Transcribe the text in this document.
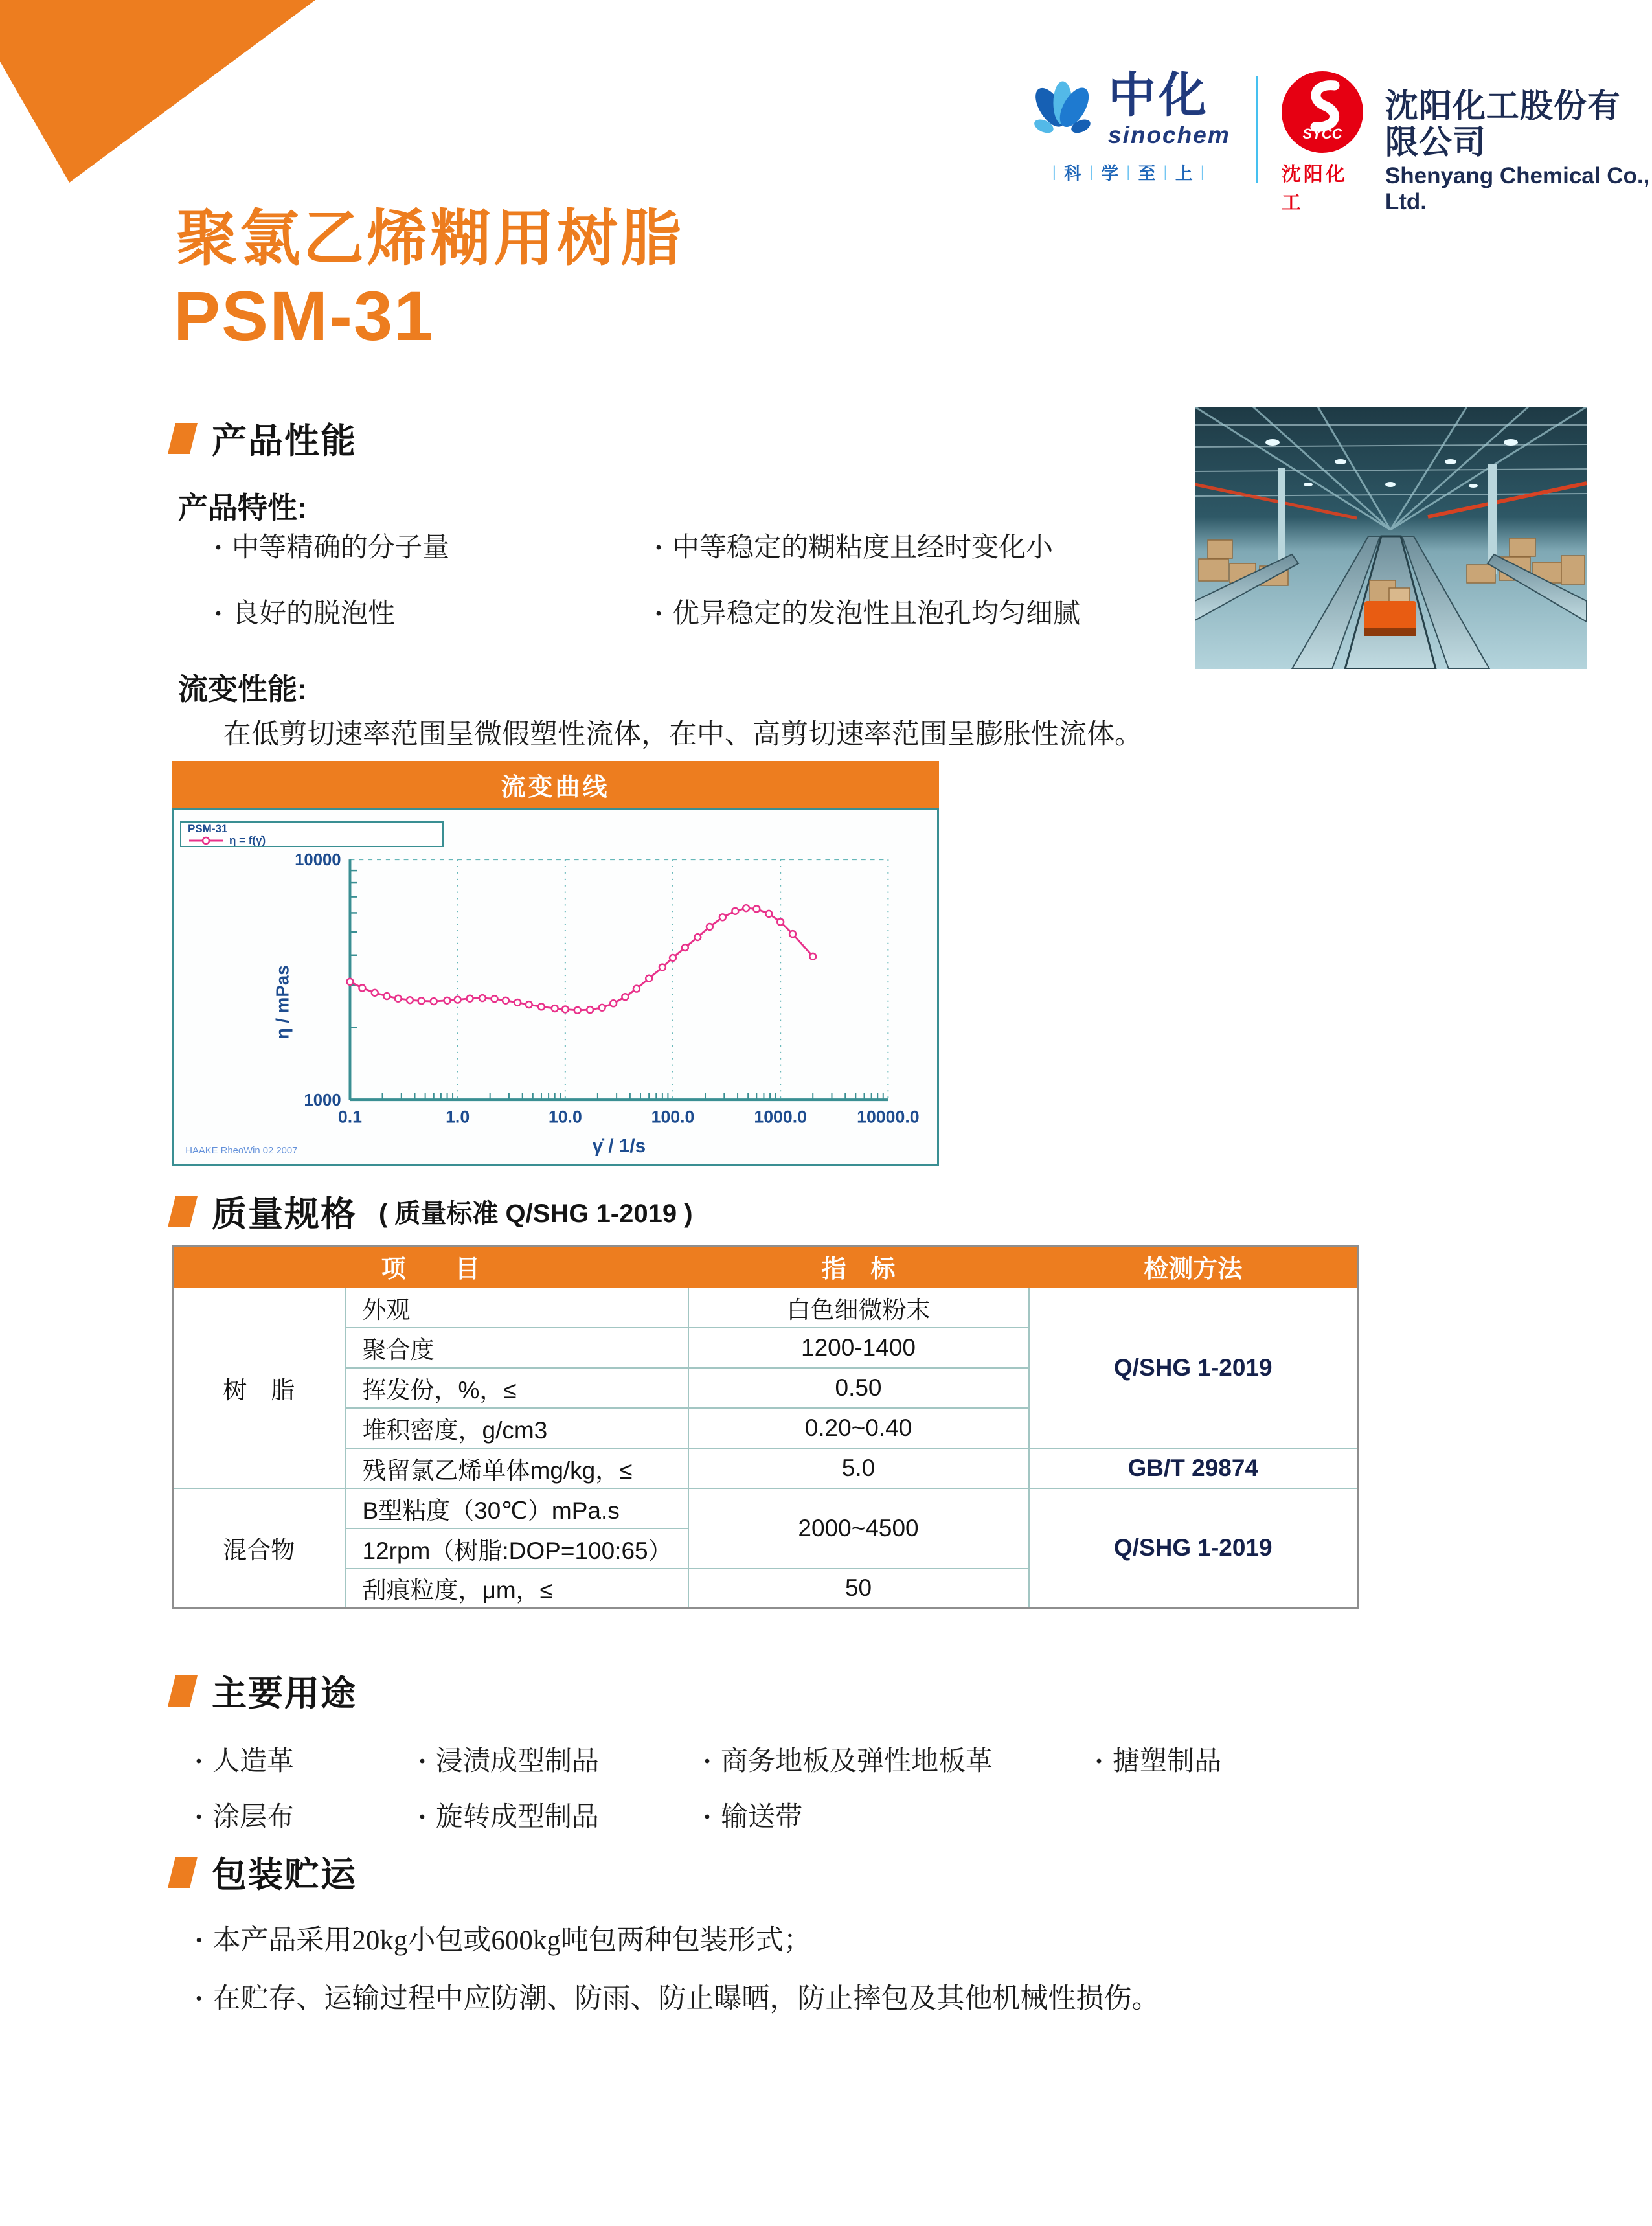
中化
sinochem
| 科 | 学 | 至 | 上 |
SYCC
沈阳化工
沈阳化工股份有限公司
Shenyang Chemical Co., Ltd.
聚氯乙烯糊用树脂
PSM-31
产品性能
产品特性:
· 中等精确的分子量	· 中等稳定的糊粘度且经时变化小
· 良好的脱泡性	· 优异稳定的发泡性且泡孔均匀细腻
流变性能:
在低剪切速率范围呈微假塑性流体，在中、高剪切速率范围呈膨胀性流体。
流变曲线
PSM-31
η = f(γ̇)
0.1	1.0	10.0	100.0	1000.0	10000.0
1000
10000
γ̇ / 1/s
η / mPas
HAAKE RheoWin 02 2007
质量规格 ( 质量标准 Q/SHG 1-2019 )
项　　目		指　标	检测方法
树　脂	外观	白色细微粉末	Q/SHG 1-2019
	聚合度	1200-1400	
	挥发份，%，≤	0.50	
	堆积密度，g/cm3	0.20~0.40	
	残留氯乙烯单体mg/kg，≤	5.0	GB/T 29874
混合物	B型粘度（30℃）mPa.s	2000~4500	Q/SHG 1-2019
	12rpm（树脂:DOP=100:65）		
	刮痕粒度，μm，≤	50	
主要用途
· 人造革	· 浸渍成型制品	· 商务地板及弹性地板革	· 搪塑制品
· 涂层布	· 旋转成型制品	· 输送带
包装贮运
· 本产品采用20kg小包或600kg吨包两种包装形式；
· 在贮存、运输过程中应防潮、防雨、防止曝晒，防止摔包及其他机械性损伤。
